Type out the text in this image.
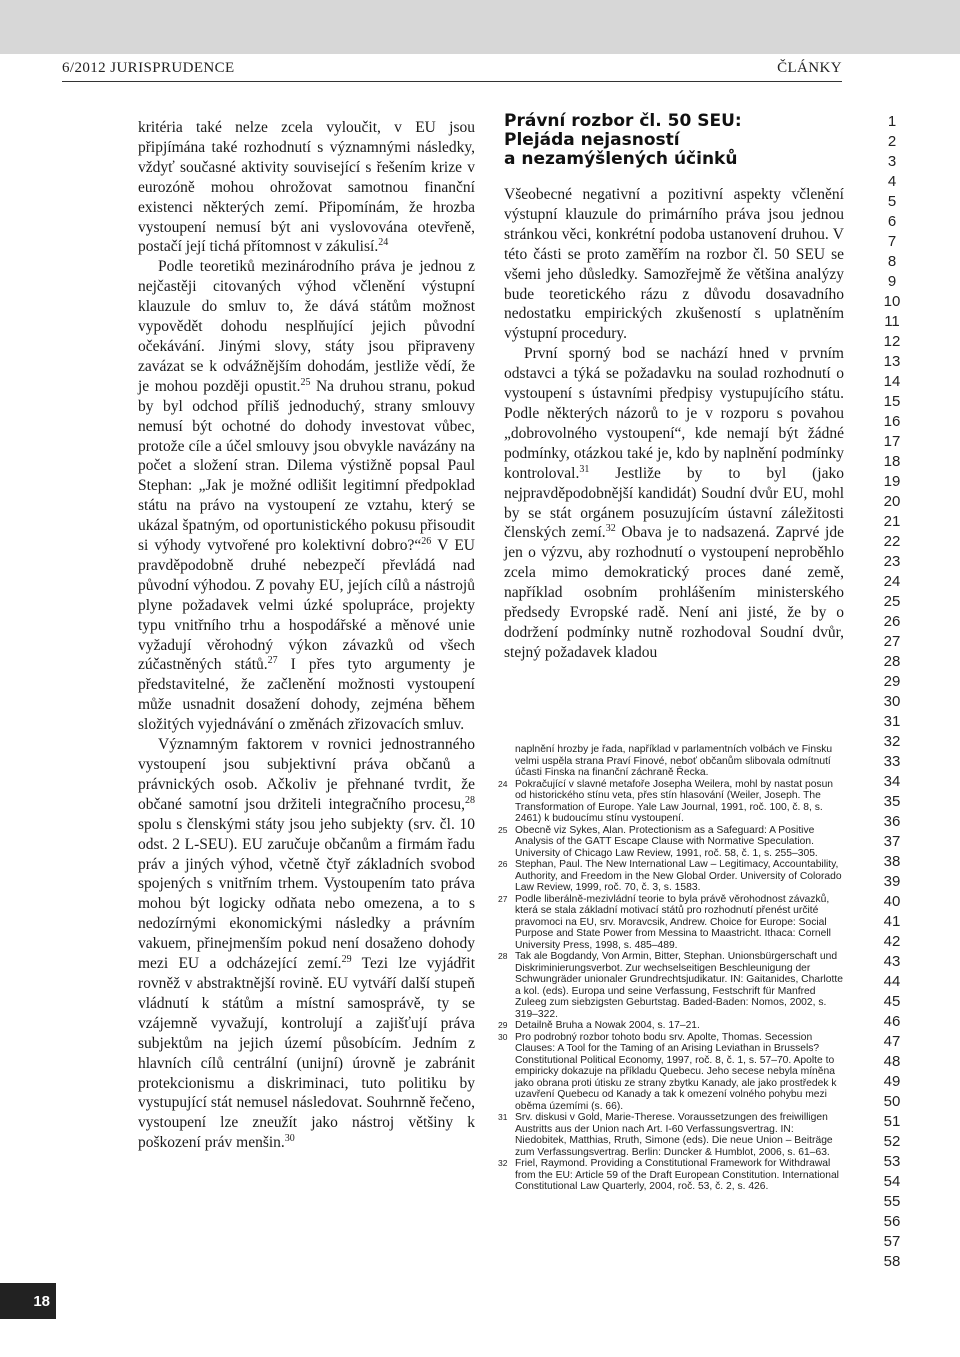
6/2012 JURISPRUDENCE	ČLÁNKY

kritéria také nelze zcela vyloučit, v EU jsou připjímána také rozhodnutí s významnými následky, vždyť současné aktivity související s řešením krize v eurozóně mohou ohrožovat samotnou finanční existenci některých zemí. Připomínám, že hrozba vystoupení nemusí být ani vyslovována otevřeně, postačí její tichá přítomnost v zákulisí.$^{24}$

Podle teoretiků mezinárodního práva je jednou z nejčastěji citovaných výhod včlenění výstupní klauzule do smluv to, že dává státům možnost vypovědět dohodu nesplňující jejich původní očekávání. Jinými slovy, státy jsou připraveny zavázat se k odvážnějším dohodám, jestliže vědí, že je mohou později opustit.$^{25}$ Na druhou stranu, pokud by byl odchod příliš jednoduchý, strany smlouvy nemusí být ochotné do dohody investovat vůbec, protože cíle a účel smlouvy jsou obvykle navázány na počet a složení stran. Dilema výstižně popsal Paul Stephan: „Jak je možné odlišit legitimní předpoklad státu na právo na vystoupení ze vztahu, který se ukázal špatným, od oportunistického pokusu přisoudit si výhody vytvořené pro kolektivní dobro?“$^{26}$ V EU pravděpodobně druhé nebezpečí převládá nad původní výhodou. Z povahy EU, jejích cílů a nástrojů plyne požadavek velmi úzké spolupráce, projekty typu vnitřního trhu a hospodářské a měnové unie vyžadují věrohodný výkon závazků od všech zúčastněných států.$^{27}$ I přes tyto argumenty je představitelné, že začlenění možnosti vystoupení může usnadnit dosažení dohody, zejména během složitých vyjednávání o změnách zřizovacích smluv.

Významným faktorem v rovnici jednostranného vystoupení jsou subjektivní práva občanů a právnických osob. Ačkoliv je přehnané tvrdit, že občané samotní jsou držiteli integračního procesu,$^{28}$ spolu s členskými státy jsou jeho subjekty (srv. čl. 10 odst. 2 L-SEU). EU zaručuje občanům a firmám řadu práv a jiných výhod, včetně čtyř základních svobod spojených s vnitřním trhem. Vystoupením tato práva mohou být logicky odňata nebo omezena, a to s nedozírnými ekonomickými následky a právním vakuem, přinejmenším pokud není dosaženo dohody mezi EU a odcházející zemí.$^{29}$ Tezi lze vyjádřit rovněž v abstraktnější rovině. EU vytváří další stupeň vládnutí k státům a místní samosprávě, ty se vzájemně vyvažují, kontrolují a zajišťují práva subjektům na jejich území působícím. Jedním z hlavních cílů centrální (unijní) úrovně je zabránit protekcionismu a diskriminaci, tuto politiku by vystupující stát nemusel následovat. Souhrnně řečeno, vystoupení lze zneužít jako nástroj většiny k poškození práv menšin.$^{30}$

Právní rozbor čl. 50 SEU:
Plejáda nejasností
a nezamýšlených účinků

Všeobecné negativní a pozitivní aspekty včlenění výstupní klauzule do primárního práva jsou jednou stránkou věci, konkrétní podoba ustanovení druhou. V této části se proto zaměřím na rozbor čl. 50 SEU se všemi jeho důsledky. Samozřejmě že většina analýzy bude teoretického rázu z důvodu dosavadního nedostatku empirických zkušeností s uplatněním výstupní procedury.

První sporný bod se nachází hned v prvním odstavci a týká se požadavku na soulad rozhodnutí o vystoupení s ústavními předpisy vystupujícího státu. Podle některých názorů to je v rozporu s povahou „dobrovolného vystoupení“, kde nemají být žádné podmínky, otázkou také je, kdo by naplnění podmínky kontroloval.$^{31}$ Jestliže by to byl (jako nejpravděpodobnější kandidát) Soudní dvůr EU, mohl by se stát orgánem posuzujícím ústavní záležitosti členských zemí.$^{32}$ Obava je to nadsazená. Zaprvé jde jen o výzvu, aby rozhodnutí o vystoupení neproběhlo zcela mimo demokratický proces dané země, například osobním prohlášením ministerského předsedy Evropské radě. Není ani jisté, že by o dodržení podmínky nutně rozhodoval Soudní dvůr, stejný požadavek kladou

naplnění hrozby je řada, například v parlamentních volbách ve Finsku velmi uspěla strana Praví Finové, neboť občanům slibovala odmítnutí účasti Finska na finanční záchraně Řecka.
24 Pokračující v slavné metafoře Josepha Weilera, mohl by nastat posun od historického stínu veta, přes stín hlasování (Weiler, Joseph. The Transformation of Europe. Yale Law Journal, 1991, roč. 100, č. 8, s. 2461) k budoucímu stínu vystoupení.
25 Obecně viz Sykes, Alan. Protectionism as a Safeguard: A Positive Analysis of the GATT Escape Clause with Normative Speculation. University of Chicago Law Review, 1991, roč. 58, č. 1, s. 255–305.
26 Stephan, Paul. The New International Law – Legitimacy, Accountability, Authority, and Freedom in the New Global Order. University of Colorado Law Review, 1999, roč. 70, č. 3, s. 1583.
27 Podle liberálně-mezivládní teorie to byla právě věrohodnost závazků, která se stala základní motivací států pro rozhodnutí přenést určité pravomoci na EU, srv. Moravcsik, Andrew. Choice for Europe: Social Purpose and State Power from Messina to Maastricht. Ithaca: Cornell University Press, 1998, s. 485–489.
28 Tak ale Bogdandy, Von Armin, Bitter, Stephan. Unionsbürgerschaft und Diskriminierungsverbot. Zur wechselseitigen Beschleunigung der Schwungräder unionaler Grundrechtsjudikatur. IN: Gaitanides, Charlotte a kol. (eds). Europa und seine Verfassung, Festschrift für Manfred Zuleeg zum siebzigsten Geburtstag. Baded-Baden: Nomos, 2002, s. 319–322.
29 Detailně Bruha a Nowak 2004, s. 17–21.
30 Pro podrobný rozbor tohoto bodu srv. Apolte, Thomas. Secession Clauses: A Tool for the Taming of an Arising Leviathan in Brussels? Constitutional Political Economy, 1997, roč. 8, č. 1, s. 57–70. Apolte to empiricky dokazuje na příkladu Quebecu. Jeho secese nebyla míněna jako obrana proti útisku ze strany zbytku Kanady, ale jako prostředek k uzavření Quebecu od Kanady a tak k omezení volného pohybu mezi oběma územími (s. 66).
31 Srv. diskusi v Gold, Marie-Therese. Voraussetzungen des freiwilligen Austritts aus der Union nach Art. I-60 Verfassungsvertrag. IN: Niedobitek, Matthias, Rruth, Simone (eds). Die neue Union – Beiträge zum Verfassungsvertrag. Berlin: Duncker & Humblot, 2006, s. 61–63.
32 Friel, Raymond. Providing a Constitutional Framework for Withdrawal from the EU: Article 59 of the Draft European Constitution. International Constitutional Law Quarterly, 2004, roč. 53, č. 2, s. 426.
1
2
3
4
5
6
7
8
9
10
11
12
13
14
15
16
17
18
19
20
21
22
23
24
25
26
27
28
29
30
31
32
33
34
35
36
37
38
39
40
41
42
43
44
45
46
47
48
49
50
51
52
53
54
55
56
57
58
18
